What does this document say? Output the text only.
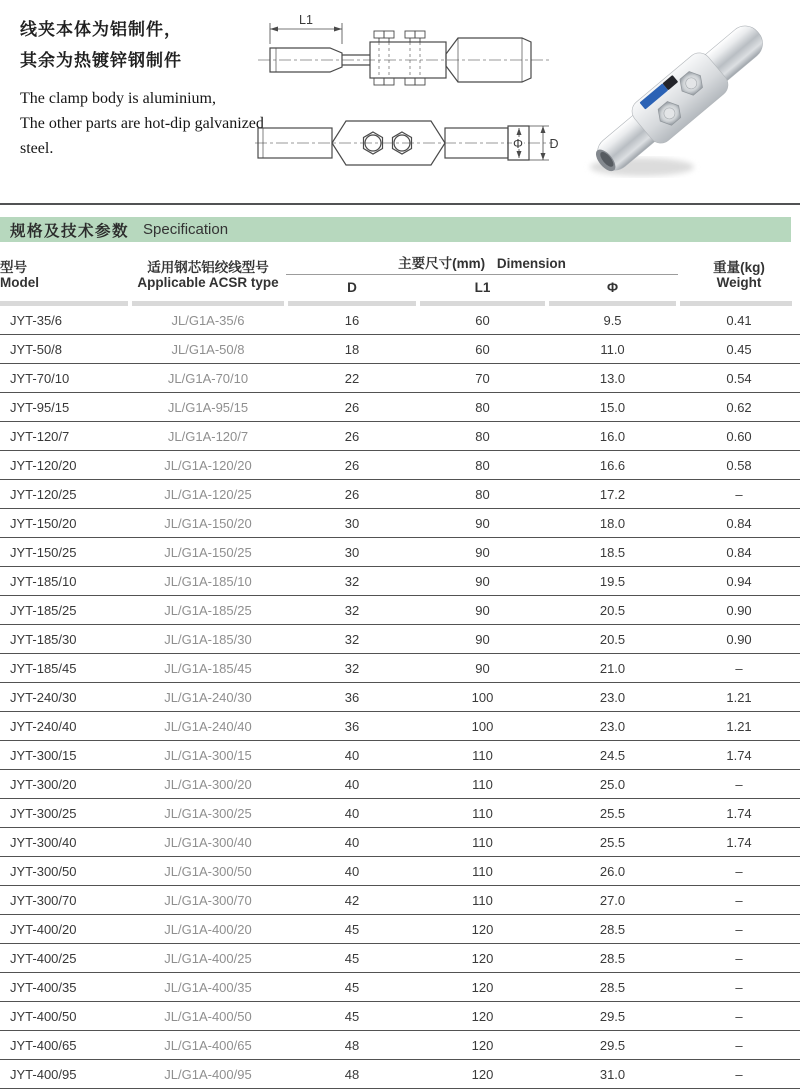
线夹本体为铝制件，
其余为热镀锌钢制件
The clamp body is aluminium,
The other parts are hot-dip galvanized steel.
L1
Φ D
规格及技术参数 Specification
型号
Model

适用钢芯铝绞线型号
Applicable ACSR type
	主要尺寸(mm) Dimension	重量(kg)
Weight

		D	L1	Φ	

JYT-35/6	JL/G1A-35/6	16	60	9.5	0.41
JYT-50/8	JL/G1A-50/8	18	60	11.0	0.45
JYT-70/10	JL/G1A-70/10	22	70	13.0	0.54
JYT-95/15	JL/G1A-95/15	26	80	15.0	0.62
JYT-120/7	JL/G1A-120/7	26	80	16.0	0.60
JYT-120/20	JL/G1A-120/20	26	80	16.6	0.58
JYT-120/25	JL/G1A-120/25	26	80	17.2	–
JYT-150/20	JL/G1A-150/20	30	90	18.0	0.84
JYT-150/25	JL/G1A-150/25	30	90	18.5	0.84
JYT-185/10	JL/G1A-185/10	32	90	19.5	0.94
JYT-185/25	JL/G1A-185/25	32	90	20.5	0.90
JYT-185/30	JL/G1A-185/30	32	90	20.5	0.90
JYT-185/45	JL/G1A-185/45	32	90	21.0	–
JYT-240/30	JL/G1A-240/30	36	100	23.0	1.21
JYT-240/40	JL/G1A-240/40	36	100	23.0	1.21
JYT-300/15	JL/G1A-300/15	40	110	24.5	1.74
JYT-300/20	JL/G1A-300/20	40	110	25.0	–
JYT-300/25	JL/G1A-300/25	40	110	25.5	1.74
JYT-300/40	JL/G1A-300/40	40	110	25.5	1.74
JYT-300/50	JL/G1A-300/50	40	110	26.0	–
JYT-300/70	JL/G1A-300/70	42	110	27.0	–
JYT-400/20	JL/G1A-400/20	45	120	28.5	–
JYT-400/25	JL/G1A-400/25	45	120	28.5	–
JYT-400/35	JL/G1A-400/35	45	120	28.5	–
JYT-400/50	JL/G1A-400/50	45	120	29.5	–
JYT-400/65	JL/G1A-400/65	48	120	29.5	–
JYT-400/95	JL/G1A-400/95	48	120	31.0	–
